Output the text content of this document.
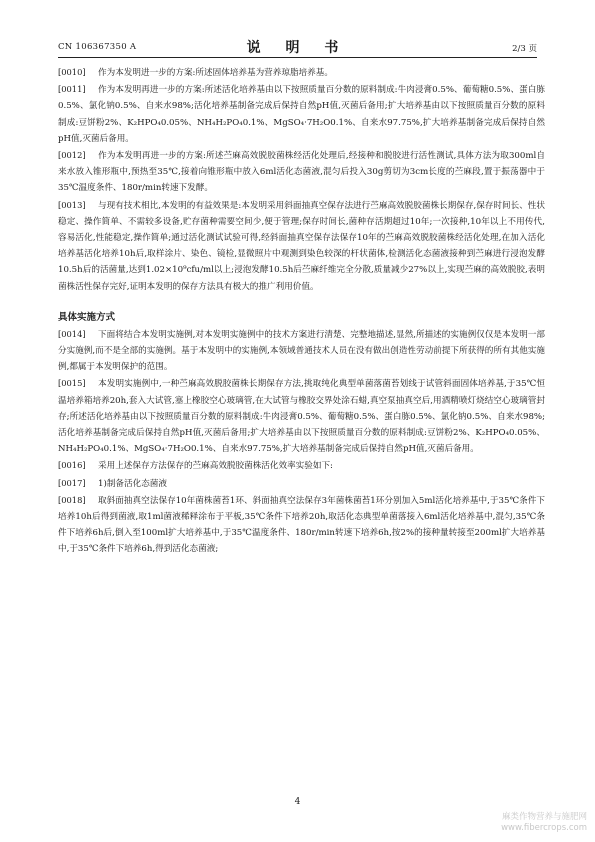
CN 106367350 A	说 明 书	2/3 页

[0010] 作为本发明进一步的方案:所述固体培养基为营养琼脂培养基。

[0011] 作为本发明再进一步的方案:所述活化培养基由以下按照质量百分数的原料制成:牛肉浸膏0.5%、葡萄糖0.5%、蛋白胨0.5%、氯化钠0.5%、自来水98%;活化培养基制备完成后保持自然pH值,灭菌后备用;扩大培养基由以下按照质量百分数的原料制成:豆饼粉2%、K₂HPO₄0.05%、NH₄H₂PO₄0.1%、MgSO₄·7H₂O0.1%、自来水97.75%,扩大培养基制备完成后保持自然pH值,灭菌后备用。

[0012] 作为本发明再进一步的方案:所述苎麻高效脱胶菌株经活化处理后,经接种和脱胶进行活性测试,具体方法为取300ml自来水放入锥形瓶中,预热至35℃,接着向锥形瓶中放入6ml活化态菌液,混匀后投入30g剪切为3cm长度的苎麻段,置于振荡器中于35℃温度条件、180r/min转速下发酵。

[0013] 与现有技术相比,本发明的有益效果是:本发明采用斜面抽真空保存法进行苎麻高效脱胶菌株长期保存,保存时间长、性状稳定、操作简单、不需较多设备,贮存菌种需要空间少,便于管理;保存时间长,菌种存活期超过10年;一次接种,10年以上不用传代,容易活化,性能稳定,操作简单;通过活化测试试验可得,经斜面抽真空保存法保存10年的苎麻高效脱胶菌株经活化处理,在加入活化培养基活化培养10h后,取样涂片、染色、镜检,显微照片中观测到染色较深的杆状菌体,检测活化态菌液接种到苎麻进行浸泡发酵10.5h后的活菌量,达到1.02×10⁹cfu/ml以上;浸泡发酵10.5h后苎麻纤维完全分散,质量减少27%以上,实现苎麻的高效脱胶,表明菌株活性保存完好,证明本发明的保存方法具有极大的推广利用价值。

具体实施方式

[0014] 下面将结合本发明实施例,对本发明实施例中的技术方案进行清楚、完整地描述,显然,所描述的实施例仅仅是本发明一部分实施例,而不是全部的实施例。基于本发明中的实施例,本领域普通技术人员在没有做出创造性劳动前提下所获得的所有其他实施例,都属于本发明保护的范围。

[0015] 本发明实施例中,一种苎麻高效脱胶菌株长期保存方法,挑取纯化典型单菌落菌苔划线于试管斜面固体培养基,于35℃恒温培养箱培养20h,套入大试管,塞上橡胶空心玻璃管,在大试管与橡胶交界处涂石蜡,真空泵抽真空后,用酒精喷灯烧结空心玻璃管封存;所述活化培养基由以下按照质量百分数的原料制成:牛肉浸膏0.5%、葡萄糖0.5%、蛋白胨0.5%、氯化钠0.5%、自来水98%;活化培养基制备完成后保持自然pH值,灭菌后备用;扩大培养基由以下按照质量百分数的原料制成:豆饼粉2%、K₂HPO₄0.05%、NH₄H₂PO₄0.1%、MgSO₄·7H₂O0.1%、自来水97.75%,扩大培养基制备完成后保持自然pH值,灭菌后备用。

[0016] 采用上述保存方法保存的苎麻高效脱胶菌株活化效率实验如下:

[0017] 1)制备活化态菌液

[0018] 取斜面抽真空法保存10年菌株菌苔1环、斜面抽真空法保存3年菌株菌苔1环分别加入5ml活化培养基中,于35℃条件下培养10h后得到菌液,取1ml菌液稀释涂布于平板,35℃条件下培养20h,取活化态典型单菌落接入6ml活化培养基中,混匀,35℃条件下培养6h后,倒入至100ml扩大培养基中,于35℃温度条件、180r/min转速下培养6h,按2%的接种量转接至200ml扩大培养基中,于35℃条件下培养6h,得到活化态菌液;

4
麻类作物营养与施肥网
www.fibercrops.com
